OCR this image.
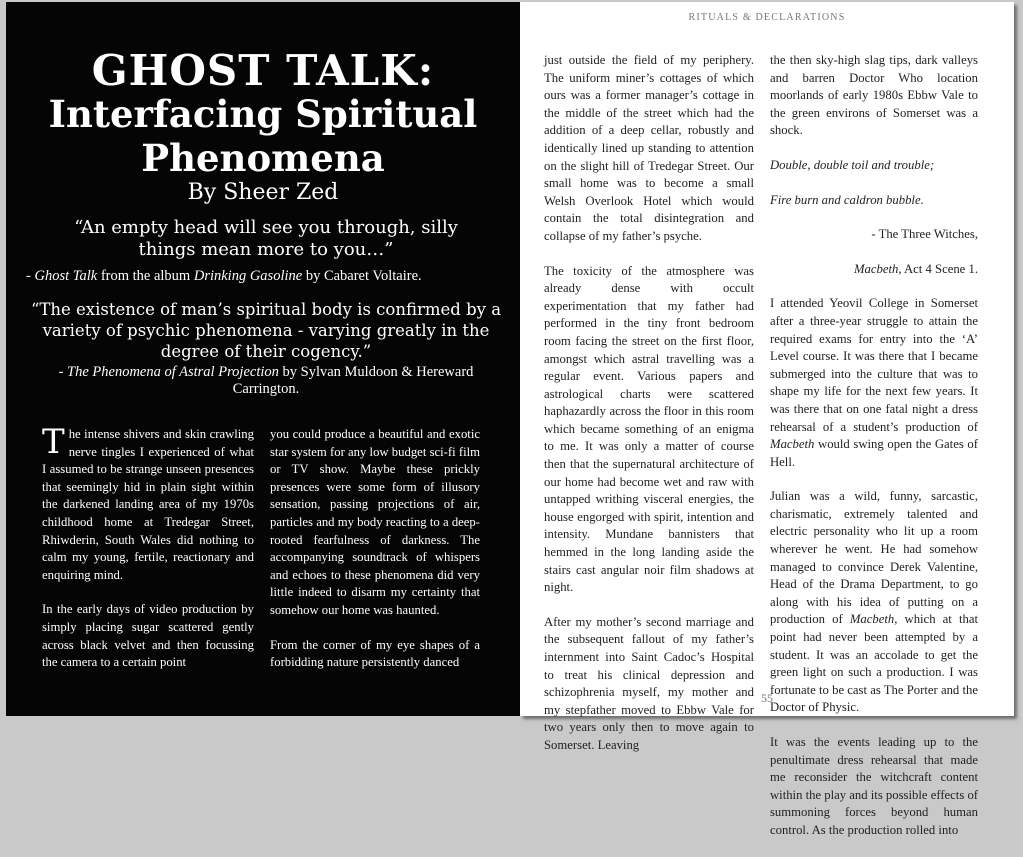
GHOST TALK:
Interfacing Spiritual
Phenomena
By Sheer Zed

“An empty head will see you through, silly things mean more to you…”

- Ghost Talk from the album Drinking Gasoline by Cabaret Voltaire.

“The existence of man’s spiritual body is confirmed by a variety of psychic phenomena - varying greatly in the degree of their cogency.”

- The Phenomena of Astral Projection by Sylvan Muldoon & Hereward Carrington.

The intense shivers and skin crawling nerve tingles I experienced of what I assumed to be strange unseen presences that seemingly hid in plain sight within the darkened landing area of my 1970s childhood home at Tredegar Street, Rhiwderin, South Wales did nothing to calm my young, fertile, reactionary and enquiring mind.

In the early days of video production by simply placing sugar scattered gently across black velvet and then focussing the camera to a certain point

you could produce a beautiful and exotic star system for any low budget sci-fi film or TV show. Maybe these prickly presences were some form of illusory sensation, passing projections of air, particles and my body reacting to a deep-rooted fearfulness of darkness. The accompanying soundtrack of whispers and echoes to these phenomena did very little indeed to disarm my certainty that somehow our home was haunted.

From the corner of my eye shapes of a forbidding nature persistently danced

RITUALS & DECLARATIONS

just outside the field of my periphery. The uniform miner’s cottages of which ours was a former manager’s cottage in the middle of the street which had the addition of a deep cellar, robustly and identically lined up standing to attention on the slight hill of Tredegar Street. Our small home was to become a small Welsh Overlook Hotel which would contain the total disintegration and collapse of my father’s psyche.

The toxicity of the atmosphere was already dense with occult experimentation that my father had performed in the tiny front bedroom room facing the street on the first floor, amongst which astral travelling was a regular event. Various papers and astrological charts were scattered haphazardly across the floor in this room which became something of an enigma to me. It was only a matter of course then that the supernatural architecture of our home had become wet and raw with untapped writhing visceral energies, the house engorged with spirit, intention and intensity. Mundane bannisters that hemmed in the long landing aside the stairs cast angular noir film shadows at night.

After my mother’s second marriage and the subsequent fallout of my father’s internment into Saint Cadoc’s Hospital to treat his clinical depression and schizophrenia myself, my mother and my stepfather moved to Ebbw Vale for two years only then to move again to Somerset. Leaving

the then sky-high slag tips, dark valleys and barren Doctor Who location moorlands of early 1980s Ebbw Vale to the green environs of Somerset was a shock.

Double, double toil and trouble;

Fire burn and caldron bubble.

- The Three Witches,

Macbeth, Act 4 Scene 1.

I attended Yeovil College in Somerset after a three-year struggle to attain the required exams for entry into the ‘A’ Level course. It was there that I became submerged into the culture that was to shape my life for the next few years. It was there that on one fatal night a dress rehearsal of a student’s production of Macbeth would swing open the Gates of Hell.

Julian was a wild, funny, sarcastic, charismatic, extremely talented and electric personality who lit up a room wherever he went. He had somehow managed to convince Derek Valentine, Head of the Drama Department, to go along with his idea of putting on a production of Macbeth, which at that point had never been attempted by a student. It was an accolade to get the green light on such a production. I was fortunate to be cast as The Porter and the Doctor of Physic.

It was the events leading up to the penultimate dress rehearsal that made me reconsider the witchcraft content within the play and its possible effects of summoning forces beyond human control. As the production rolled into

55
